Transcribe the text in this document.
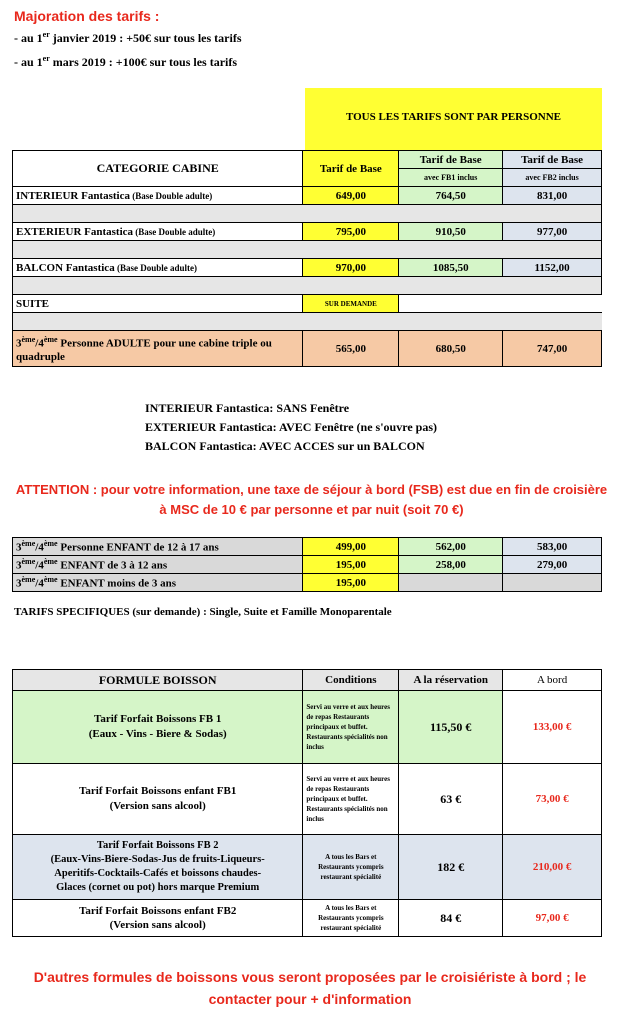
Majoration des tarifs :
- au 1er janvier 2019 : +50€ sur tous les tarifs
- au 1er mars 2019 : +100€ sur tous les tarifs
TOUS LES TARIFS SONT PAR PERSONNE
CATEGORIE CABINE	Tarif de Base	Tarif de Base	Tarif de Base
		avec FB1 inclus	avec FB2 inclus
INTERIEUR Fantastica (Base Double adulte)	649,00	764,50	831,00

EXTERIEUR Fantastica (Base Double adulte)	795,00	910,50	977,00

BALCON Fantastica (Base Double adulte)	970,00	1085,50	1152,00

SUITE	SUR DEMANDE		

3ème/4ème Personne ADULTE pour une cabine triple ou quadruple	565,00	680,50	747,00
INTERIEUR Fantastica: SANS Fenêtre
EXTERIEUR Fantastica: AVEC Fenêtre (ne s'ouvre pas)
BALCON Fantastica: AVEC ACCES sur un BALCON
ATTENTION : pour votre information, une taxe de séjour à bord (FSB) est due en fin de croisière à MSC de 10 € par personne et par nuit (soit 70 €)
3ème/4ème Personne ENFANT de 12 à 17 ans	499,00	562,00	583,00
3ème/4ème ENFANT de 3 à 12 ans	195,00	258,00	279,00
3ème/4ème ENFANT moins de 3 ans	195,00		
TARIFS SPECIFIQUES (sur demande) : Single, Suite et Famille Monoparentale
FORMULE BOISSON	Conditions	A la réservation	A bord

Tarif Forfait Boissons FB 1
(Eaux - Vins - Biere & Sodas)	Servi au verre et aux heures de repas Restaurants principaux et buffet. Restaurants spécialités non inclus	115,50 €	133,00 €

Tarif Forfait Boissons enfant FB1
(Version sans alcool)	Servi au verre et aux heures de repas Restaurants principaux et buffet. Restaurants spécialités non inclus	63 €	73,00 €

Tarif Forfait Boissons FB 2
(Eaux-Vins-Biere-Sodas-Jus de fruits-Liqueurs-
Aperitifs-Cocktails-Cafés et boissons chaudes-
Glaces (cornet ou pot) hors marque Premium	A tous les Bars et Restaurants ycompris restaurant spécialité	182 €	210,00 €

Tarif Forfait Boissons enfant FB2
(Version sans alcool)	A tous les Bars et Restaurants ycompris restaurant spécialité	84 €	97,00 €
D'autres formules de boissons vous seront proposées par le croisiériste à bord ; le contacter pour + d'information
